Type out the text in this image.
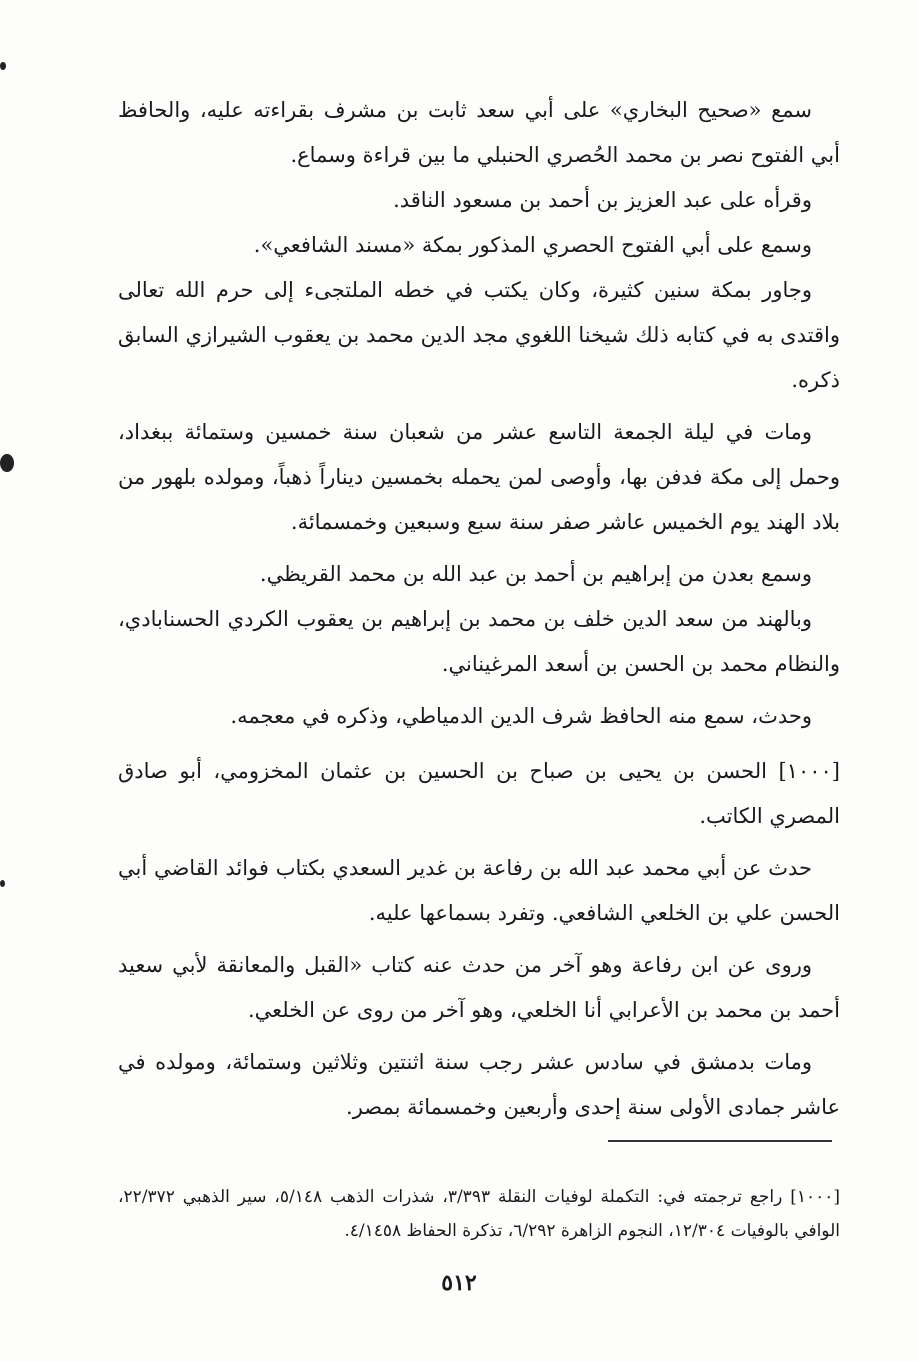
سمع «صحيح البخاري» على أبي سعد ثابت بن مشرف بقراءته عليه، والحافظ أبي الفتوح نصر بن محمد الحُصري الحنبلي ما بين قراءة وسماع.

وقرأه على عبد العزيز بن أحمد بن مسعود الناقد.

وسمع على أبي الفتوح الحصري المذكور بمكة «مسند الشافعي».

وجاور بمكة سنين كثيرة، وكان يكتب في خطه الملتجىء إلى حرم الله تعالى واقتدى به في كتابه ذلك شيخنا اللغوي مجد الدين محمد بن يعقوب الشيرازي السابق ذكره.

ومات في ليلة الجمعة التاسع عشر من شعبان سنة خمسين وستمائة ببغداد، وحمل إلى مكة فدفن بها، وأوصى لمن يحمله بخمسين ديناراً ذهباً، ومولده بلهور من بلاد الهند يوم الخميس عاشر صفر سنة سبع وسبعين وخمسمائة.

وسمع بعدن من إبراهيم بن أحمد بن عبد الله بن محمد القريظي.

وبالهند من سعد الدين خلف بن محمد بن إبراهيم بن يعقوب الكردي الحسنابادي، والنظام محمد بن الحسن بن أسعد المرغيناني.

وحدث، سمع منه الحافظ شرف الدين الدمياطي، وذكره في معجمه.

[١٠٠٠] الحسن بن يحيى بن صباح بن الحسين بن عثمان المخزومي، أبو صادق المصري الكاتب.

حدث عن أبي محمد عبد الله بن رفاعة بن غدير السعدي بكتاب فوائد القاضي أبي الحسن علي بن الخلعي الشافعي. وتفرد بسماعها عليه.

وروى عن ابن رفاعة وهو آخر من حدث عنه كتاب «القبل والمعانقة لأبي سعيد أحمد بن محمد بن الأعرابي أنا الخلعي، وهو آخر من روى عن الخلعي.

ومات بدمشق في سادس عشر رجب سنة اثنتين وثلاثين وستمائة، ومولده في عاشر جمادى الأولى سنة إحدى وأربعين وخمسمائة بمصر.

[١٠٠٠] راجع ترجمته في: التكملة لوفيات النقلة ٣/٣٩٣، شذرات الذهب ٥/١٤٨، سير الذهبي ٢٢/٣٧٢، الوافي بالوفيات ١٢/٣٠٤، النجوم الزاهرة ٦/٢٩٢، تذكرة الحفاظ ٤/١٤٥٨.

٥١٢
